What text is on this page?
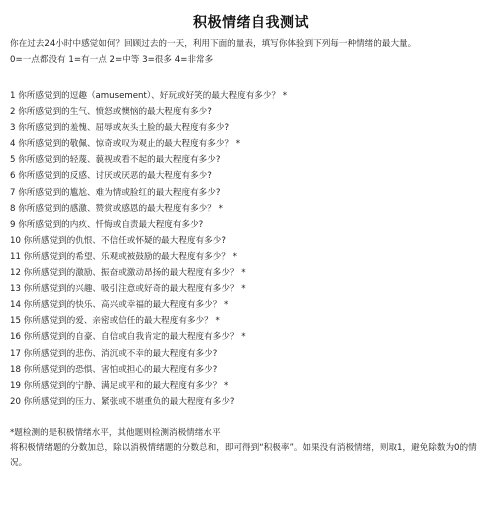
积极情绪自我测试

你在过去24小时中感觉如何？回顾过去的一天，利用下面的量表，填写你体验到下列每一种情绪的最大量。

0=一点都没有 1=有一点 2=中等 3=很多 4=非常多

1 你所感觉到的逗趣（amusement）、好玩或好笑的最大程度有多少？ *
2 你所感觉到的生气、愤怒或懊恼的最大程度有多少?
3 你所感觉到的羞愧、屈辱或灰头土脸的最大程度有多少?
4 你所感觉到的敬佩、惊奇或叹为观止的最大程度有多少？ *
5 你所感觉到的轻蔑、藐视或看不起的最大程度有多少?
6 你所感觉到的反感、讨厌或厌恶的最大程度有多少?
7 你所感觉到的尴尬、难为情或脸红的最大程度有多少?
8 你所感觉到的感激、赞赏或感恩的最大程度有多少？ *
9 你所感觉到的内疚、忏悔或自责最大程度有多少?
10 你所感觉到的仇恨、不信任或怀疑的最大程度有多少?
11 你所感觉到的希望、乐观或被鼓励的最大程度有多少？ *
12 你所感觉到的激励、振奋或激动昂扬的最大程度有多少？ *
13 你所感觉到的兴趣、吸引注意或好奇的最大程度有多少？ *
14 你所感觉到的快乐、高兴或幸福的最大程度有多少？ *
15 你所感觉到的爱、亲密或信任的最大程度有多少？ *
16 你所感觉到的自豪、自信或自我肯定的最大程度有多少？ *
17 你所感觉到的悲伤、消沉或不幸的最大程度有多少?
18 你所感觉到的恐惧、害怕或担心的最大程度有多少?
19 你所感觉到的宁静、满足或平和的最大程度有多少？ *
20 你所感觉到的压力、紧张或不堪重负的最大程度有多少?

*题检测的是积极情绪水平，其他题则检测消极情绪水平

将积极情绪题的分数加总，除以消极情绪题的分数总和，即可得到“积极率”。如果没有消极情绪，则取1，避免除数为0的情况。
